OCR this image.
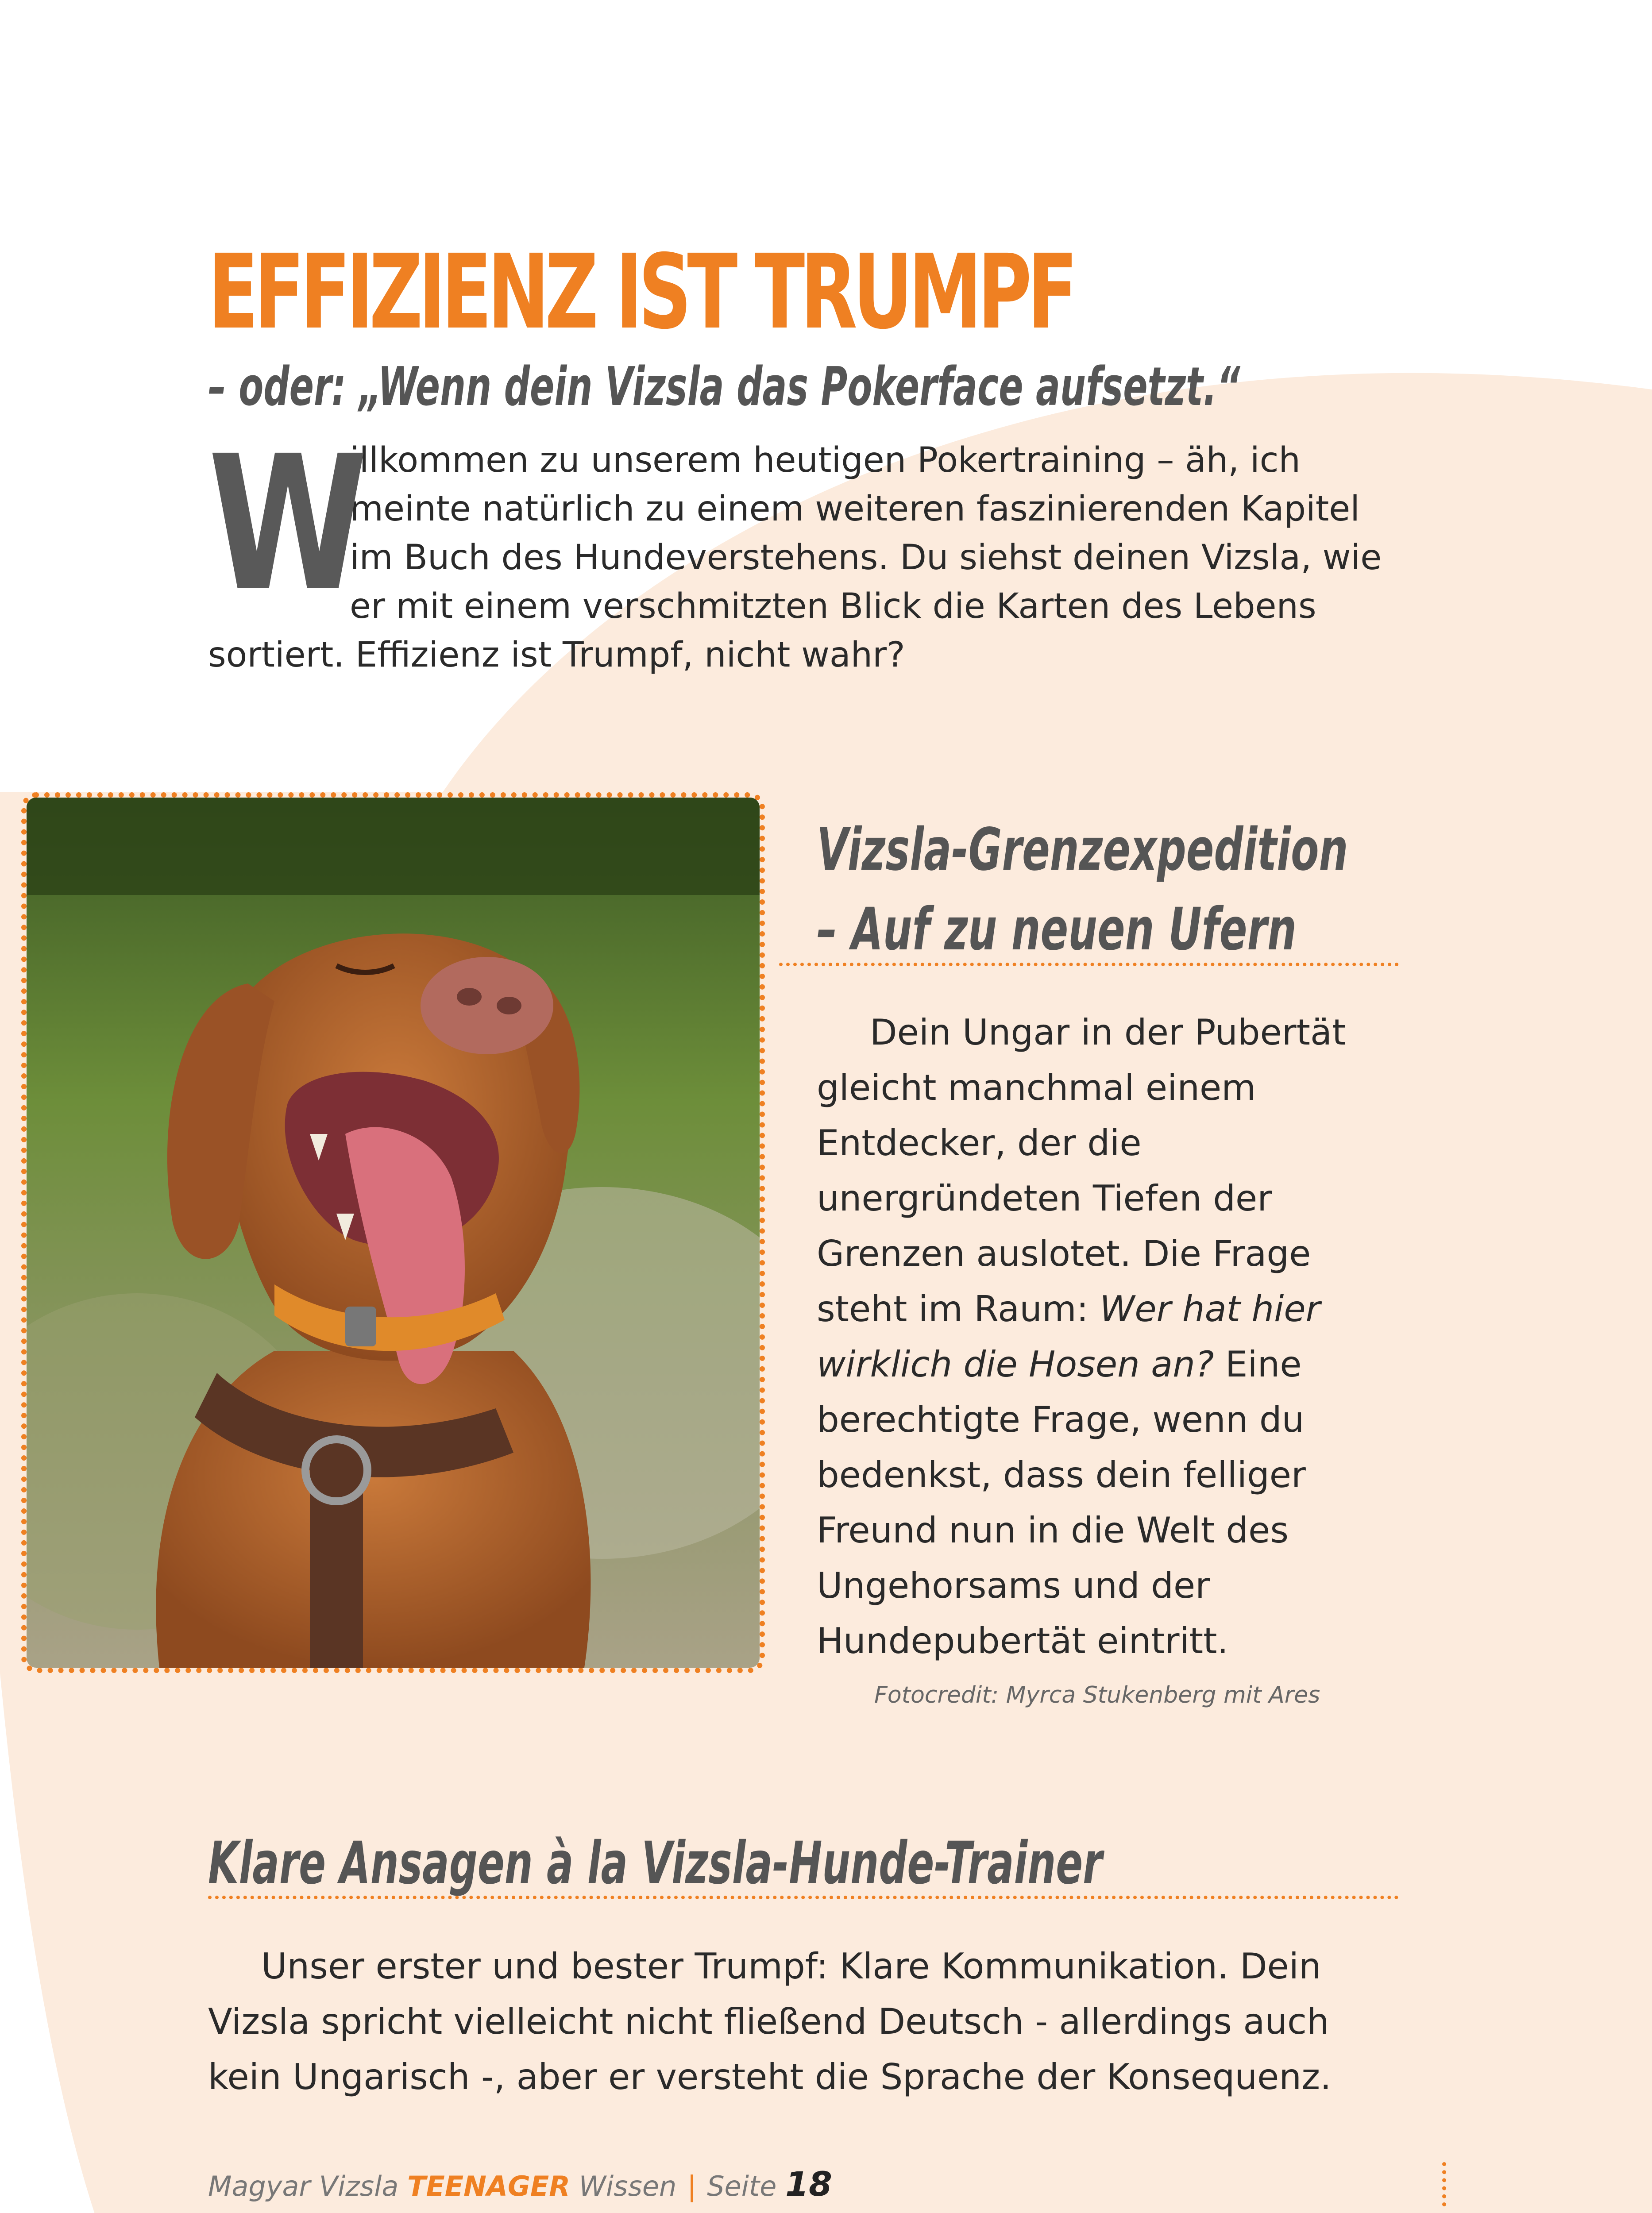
EFFIZIENZ IST TRUMPF
– oder: „Wenn dein Vizsla das Pokerface aufsetzt.“

W
illkommen zu unserem heutigen Pokertraining – äh, ich meinte natürlich zu einem weiteren faszinierenden Kapitel im Buch des Hundeverstehens. Du siehst deinen Vizsla, wie er mit einem verschmitzten Blick die Karten des Lebens sortiert. Effizienz ist Trumpf, nicht wahr?

Vizsla-Grenzexpedition – Auf zu neuen Ufern

Dein Ungar in der Pubertät gleicht manchmal einem Entdecker, der die unergründeten Tiefen der Grenzen auslotet. Die Frage steht im Raum: Wer hat hier wirklich die Hosen an? Eine berechtigte Frage, wenn du bedenkst, dass dein felliger Freund nun in die Welt des Ungehorsams und der Hundepubertät eintritt.

Fotocredit: Myrca Stukenberg mit Ares

Klare Ansagen à la Vizsla-Hunde-Trainer

Unser erster und bester Trumpf: Klare Kommunikation. Dein Vizsla spricht vielleicht nicht fließend Deutsch - allerdings auch kein Ungarisch -, aber er versteht die Sprache der Konsequenz.

Magyar Vizsla TEENAGER Wissen | Seite 18
